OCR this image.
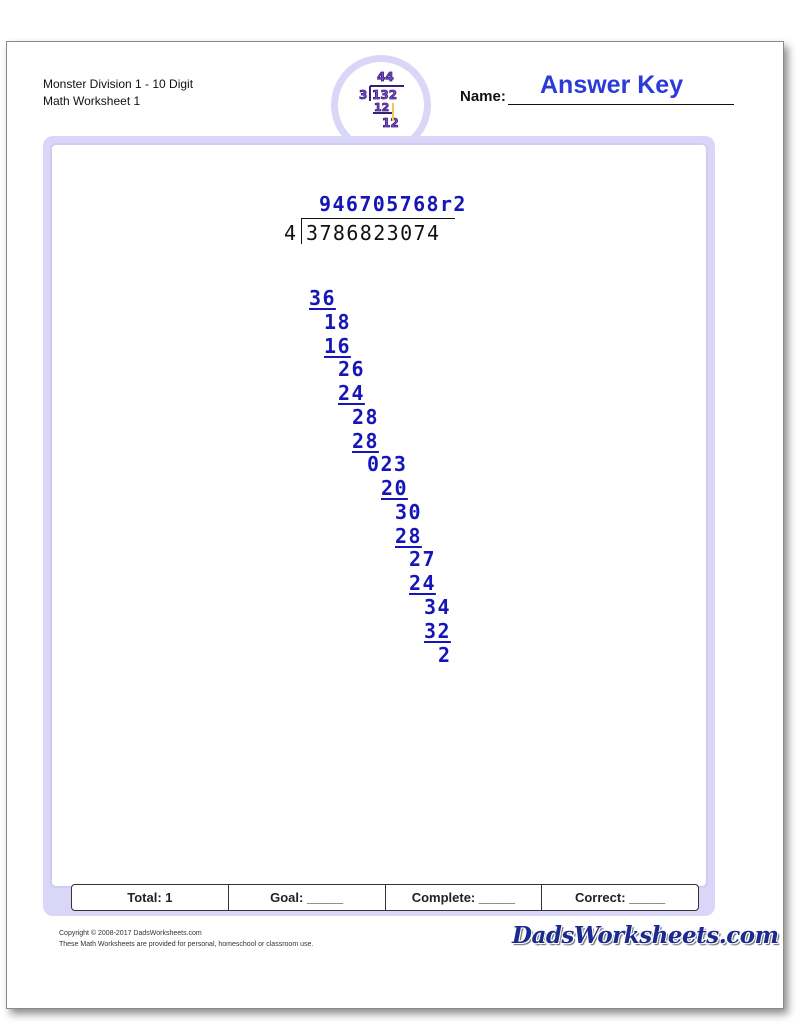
Monster Division 1 - 10 Digit
Math Worksheet 1
44
3 132
12
12
Name: Answer Key
946705768r2
4 3786823074
36
18
16
26
24
28
28
023
20
30
28
27
24
34
32
2
Total: 1	Goal: _____	Complete: _____	Correct: _____
Copyright © 2008-2017 DadsWorksheets.com
These Math Worksheets are provided for personal, homeschool or classroom use.	DadsWorksheets.com
